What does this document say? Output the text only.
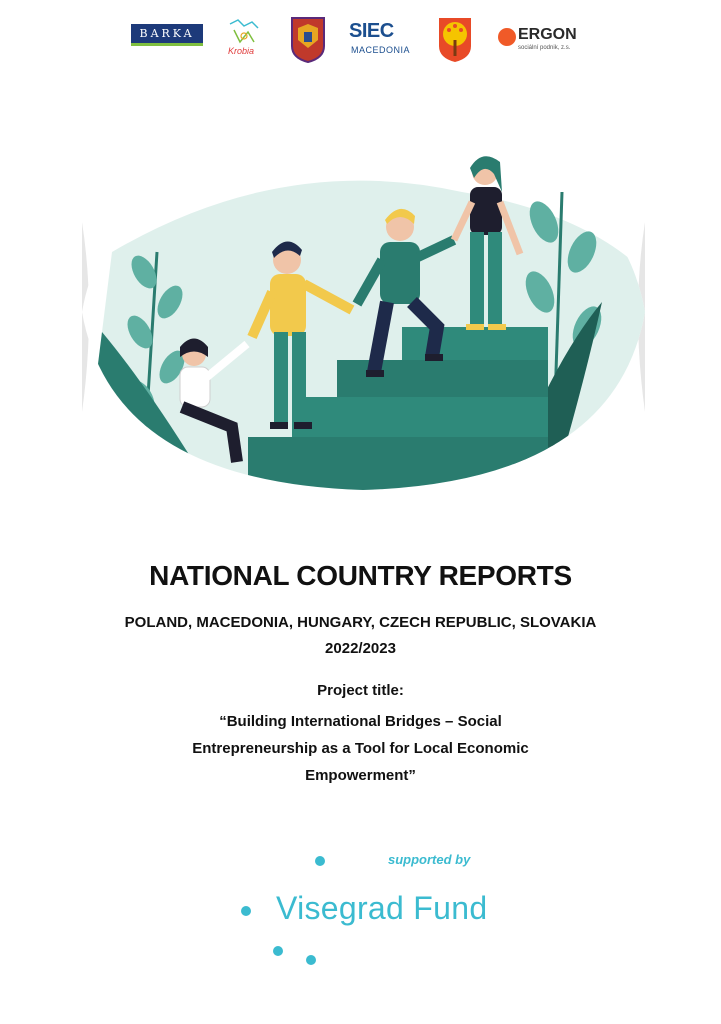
BARKA
Krobia
SIEC
MACEDONIA
ERGON
sociální podnik, z.s.
NATIONAL COUNTRY REPORTS
POLAND, MACEDONIA, HUNGARY, CZECH REPUBLIC, SLOVAKIA
2022/2023
Project title:
“Building International Bridges – Social Entrepreneurship as a Tool for Local Economic Empowerment”
supported by
Visegrad Fund
